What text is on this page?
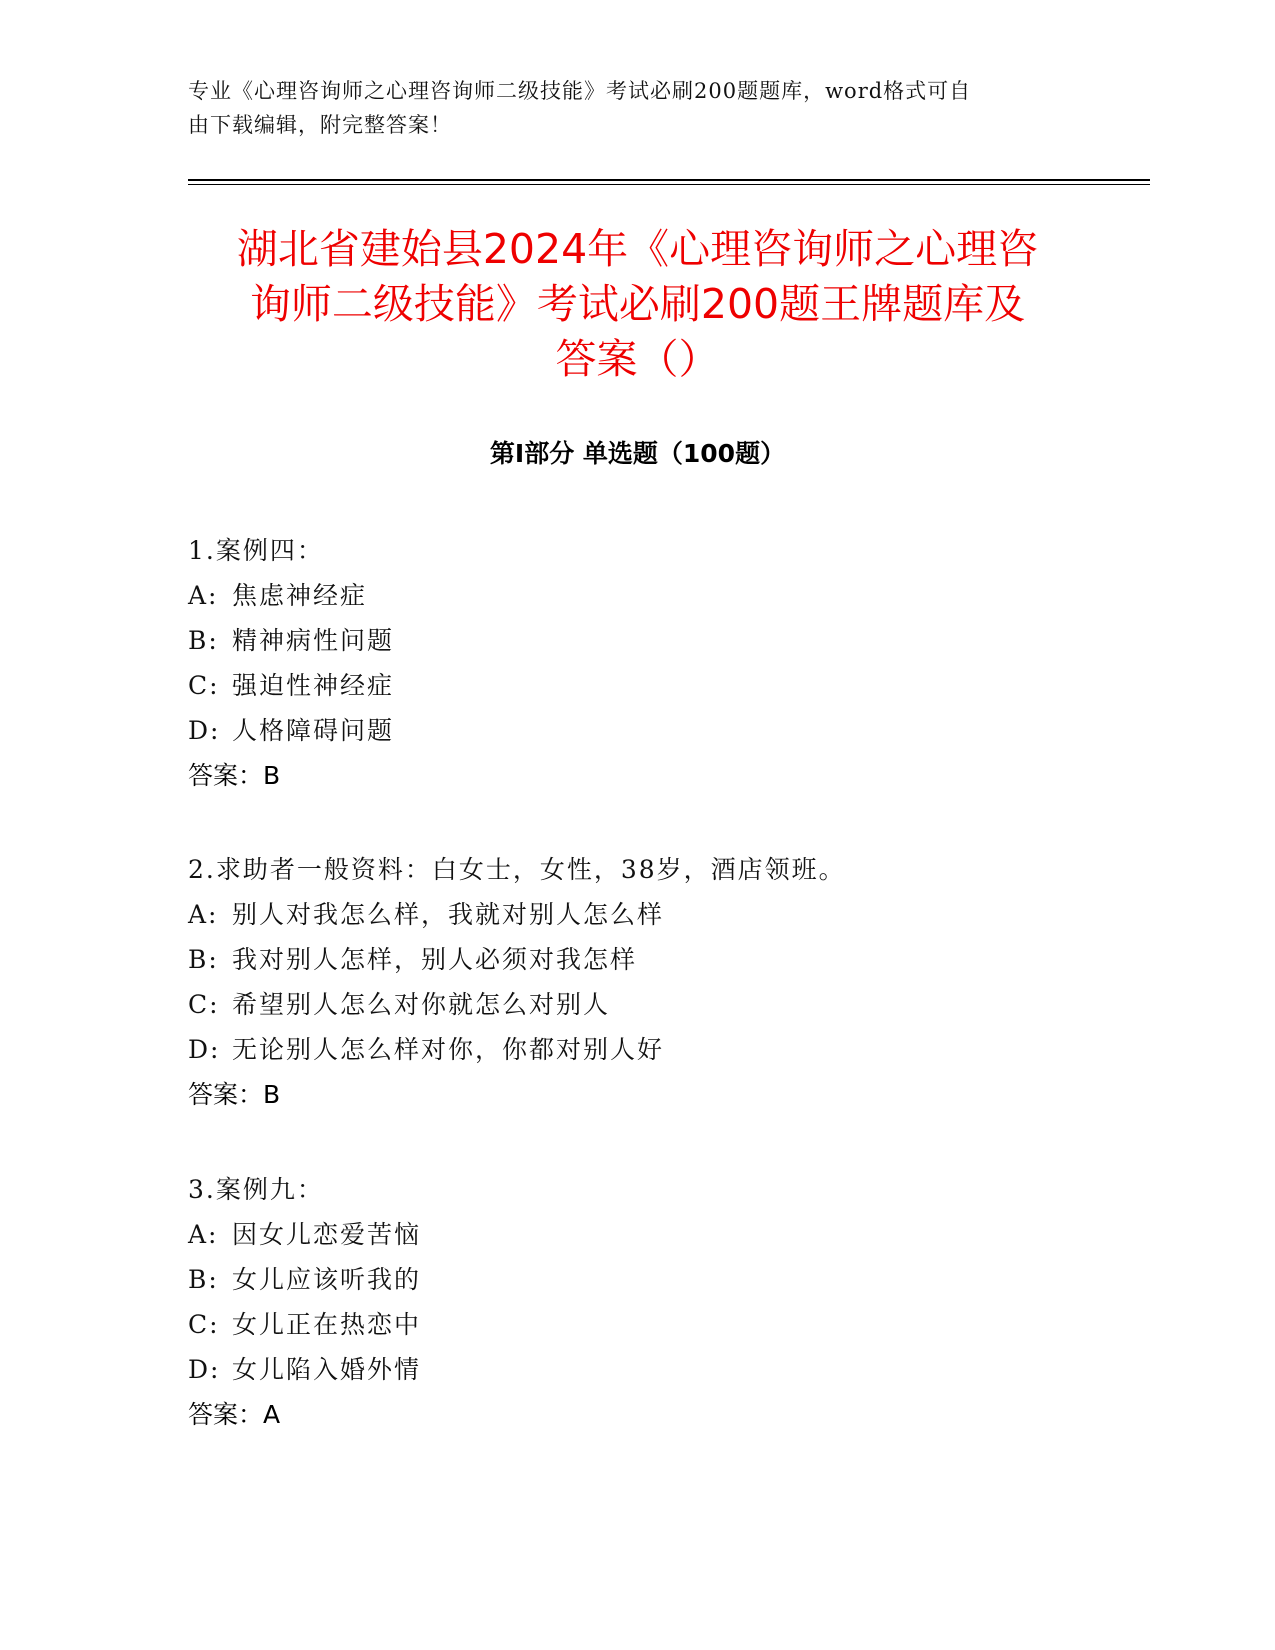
专业《心理咨询师之心理咨询师二级技能》考试必刷200题题库，word格式可自
由下载编辑，附完整答案！
湖北省建始县2024年《心理咨询师之心理咨
询师二级技能》考试必刷200题王牌题库及
答案（）
第I部分 单选题（100题）
1.案例四：
A: 焦虑神经症
B: 精神病性问题
C: 强迫性神经症
D: 人格障碍问题
答案：B
2.求助者一般资料：白女士，女性，38岁，酒店领班。
A: 别人对我怎么样，我就对别人怎么样
B: 我对别人怎样，别人必须对我怎样
C: 希望别人怎么对你就怎么对别人
D: 无论别人怎么样对你，你都对别人好
答案：B
3.案例九：
A: 因女儿恋爱苦恼
B: 女儿应该听我的
C: 女儿正在热恋中
D: 女儿陷入婚外情
答案：A
